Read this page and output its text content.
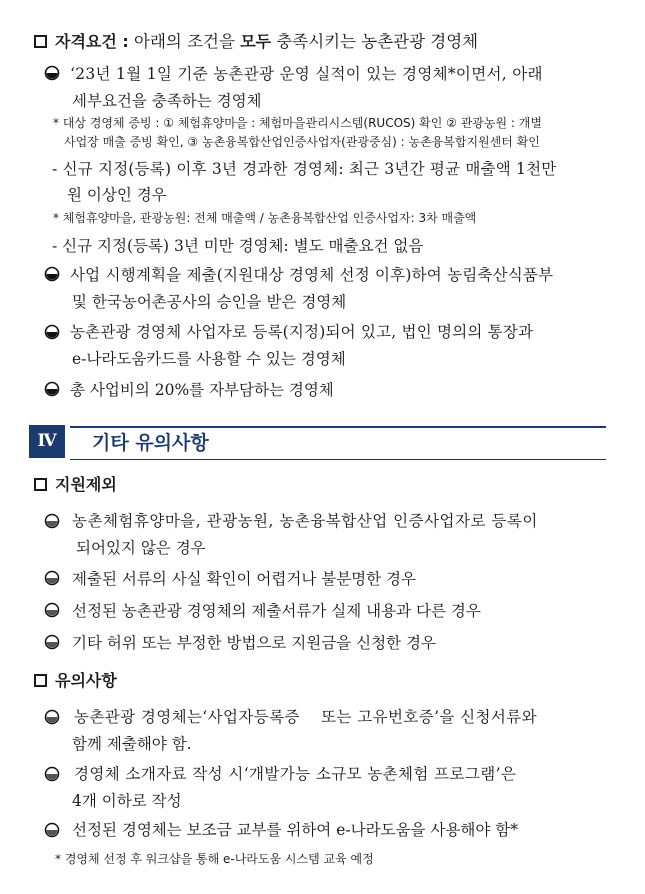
자격요건 : 아래의 조건을 모두 충족시키는 농촌관광 경영체
‘23년 1월 1일 기준 농촌관광 운영 실적이 있는 경영체*이면서, 아래
세부요건을 충족하는 경영체
* 대상 경영체 증빙 : ① 체험휴양마을 : 체험마을관리시스템(RUCOS) 확인 ② 관광농원 : 개별
사업장 매출 증빙 확인, ③ 농촌융복합산업인증사업자(관광중심) : 농촌융복합지원센터 확인
- 신규 지정(등록) 이후 3년 경과한 경영체: 최근 3년간 평균 매출액 1천만
원 이상인 경우
* 체험휴양마을, 관광농원: 전체 매출액 / 농촌융복합산업 인증사업자: 3차 매출액
- 신규 지정(등록) 3년 미만 경영체: 별도 매출요건 없음
사업 시행계획을 제출(지원대상 경영체 선정 이후)하여 농림축산식품부
및 한국농어촌공사의 승인을 받은 경영체
농촌관광 경영체 사업자로 등록(지정)되어 있고, 법인 명의의 통장과
e-나라도움카드를 사용할 수 있는 경영체
총 사업비의 20%를 자부담하는 경영체
Ⅳ	기타 유의사항
지원제외
농촌체험휴양마을, 관광농원, 농촌융복합산업 인증사업자로 등록이
되어있지 않은 경우
제출된 서류의 사실 확인이 어렵거나 불분명한 경우
선정된 농촌관광 경영체의 제출서류가 실제 내용과 다른 경우
기타 허위 또는 부정한 방법으로 지원금을 신청한 경우
유의사항
농촌관광 경영체는‘사업자등록증    또는 고유번호증’을 신청서류와
함께 제출해야 함.
경영체 소개자료 작성 시‘개발가능 소규모 농촌체험 프로그램’은
4개 이하로 작성
선정된 경영체는 보조금 교부를 위하여 e-나라도움을 사용해야 함*
* 경영체 선정 후 워크샵을 통해 e-나라도움 시스템 교육 예정
